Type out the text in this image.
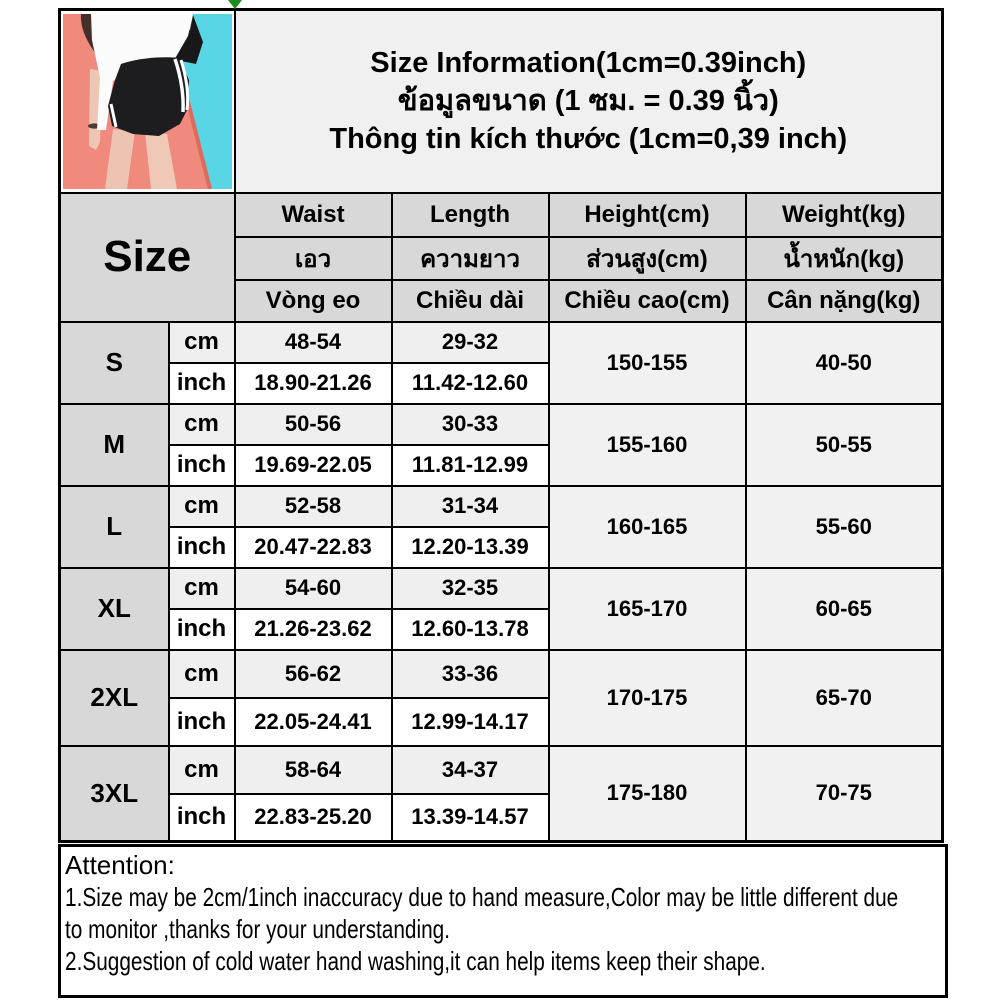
Size Information(1cm=0.39inch)
ข้อมูลขนาด (1 ซม. = 0.39 นิ้ว)
Thông tin kích thước (1cm=0,39 inch)			

Size		Waist	Length	Height(cm)	Weight(kg)
		เอว	ความยาว	ส่วนสูง(cm)	น้ำหนัก(kg)
		Vòng eo	Chiều dài	Chiều cao(cm)	Cân nặng(kg)
S	cm	48-54	29-32	150-155	40-50
	inch	18.90-21.26	11.42-12.60		
M	cm	50-56	30-33	155-160	50-55
	inch	19.69-22.05	11.81-12.99		
L	cm	52-58	31-34	160-165	55-60
	inch	20.47-22.83	12.20-13.39		
XL	cm	54-60	32-35	165-170	60-65
	inch	21.26-23.62	12.60-13.78		
2XL	cm	56-62	33-36	170-175	65-70
	inch	22.05-24.41	12.99-14.17		
3XL	cm	58-64	34-37	175-180	70-75
	inch	22.83-25.20	13.39-14.57		
Attention:
1.Size may be 2cm/1inch inaccuracy due to hand measure,Color may be little different due
to monitor ,thanks for your understanding.
2.Suggestion of cold water hand washing,it can help items keep their shape.
